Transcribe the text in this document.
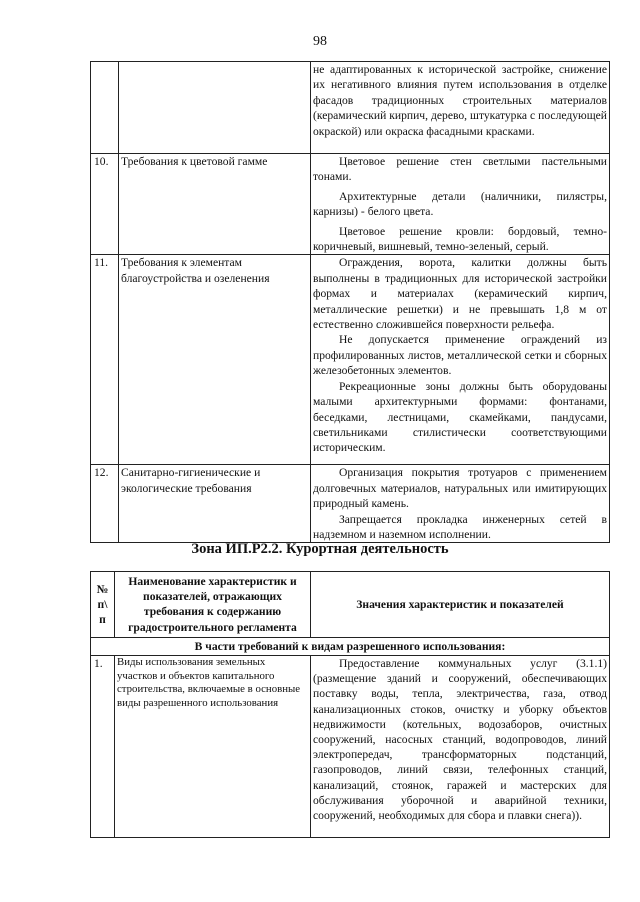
98

		не адаптированных к исторической застройке, снижение их негативного влияния путем использования в отделке фасадов традиционных строительных материалов (керамический кирпич, дерево, штукатурка с последующей окраской) или окраска фасадными красками.

10.	Требования к цветовой гамме	Цветовое решение стен светлыми пастельными тонами.

Архитектурные детали (наличники, пилястры, карнизы) - белого цвета.

Цветовое решение кровли: бордовый, темно-коричневый, вишневый, темно-зеленый, серый.

11.	Требования к элементам благоустройства и озеленения	Ограждения, ворота, калитки должны быть выполнены в традиционных для исторической застройки формах и материалах (керамический кирпич, металлические решетки) и не превышать 1,8 м от естественно сложившейся поверхности рельефа.

Не допускается применение ограждений из профилированных листов, металлической сетки и сборных железобетонных элементов.

Рекреационные зоны должны быть оборудованы малыми архитектурными формами: фонтанами, беседками, лестницами, скамейками, пандусами, светильниками стилистически соответствующими историческим.

12.	Санитарно-гигиенические и экологические требования	Организация покрытия тротуаров с применением долговечных материалов, натуральных или имитирующих природный камень.

Запрещается прокладка инженерных сетей в надземном и наземном исполнении.

Зона ИП.Р2.2. Курортная деятельность
№ п\ п	Наименование характеристик и показателей, отражающих требования к содержанию градостроительного регламента	Значения характеристик и показателей
В части требований к видам разрешенного использования:		
1.	Виды использования земельных участков и объектов капитального строительства, включаемые в основные виды разрешенного использования	Предоставление коммунальных услуг (3.1.1) (размещение зданий и сооружений, обеспечивающих поставку воды, тепла, электричества, газа, отвод канализационных стоков, очистку и уборку объектов недвижимости (котельных, водозаборов, очистных сооружений, насосных станций, водопроводов, линий электропередач, трансформаторных подстанций, газопроводов, линий связи, телефонных станций, канализаций, стоянок, гаражей и мастерских для обслуживания уборочной и аварийной техники, сооружений, необходимых для сбора и плавки снега)).
